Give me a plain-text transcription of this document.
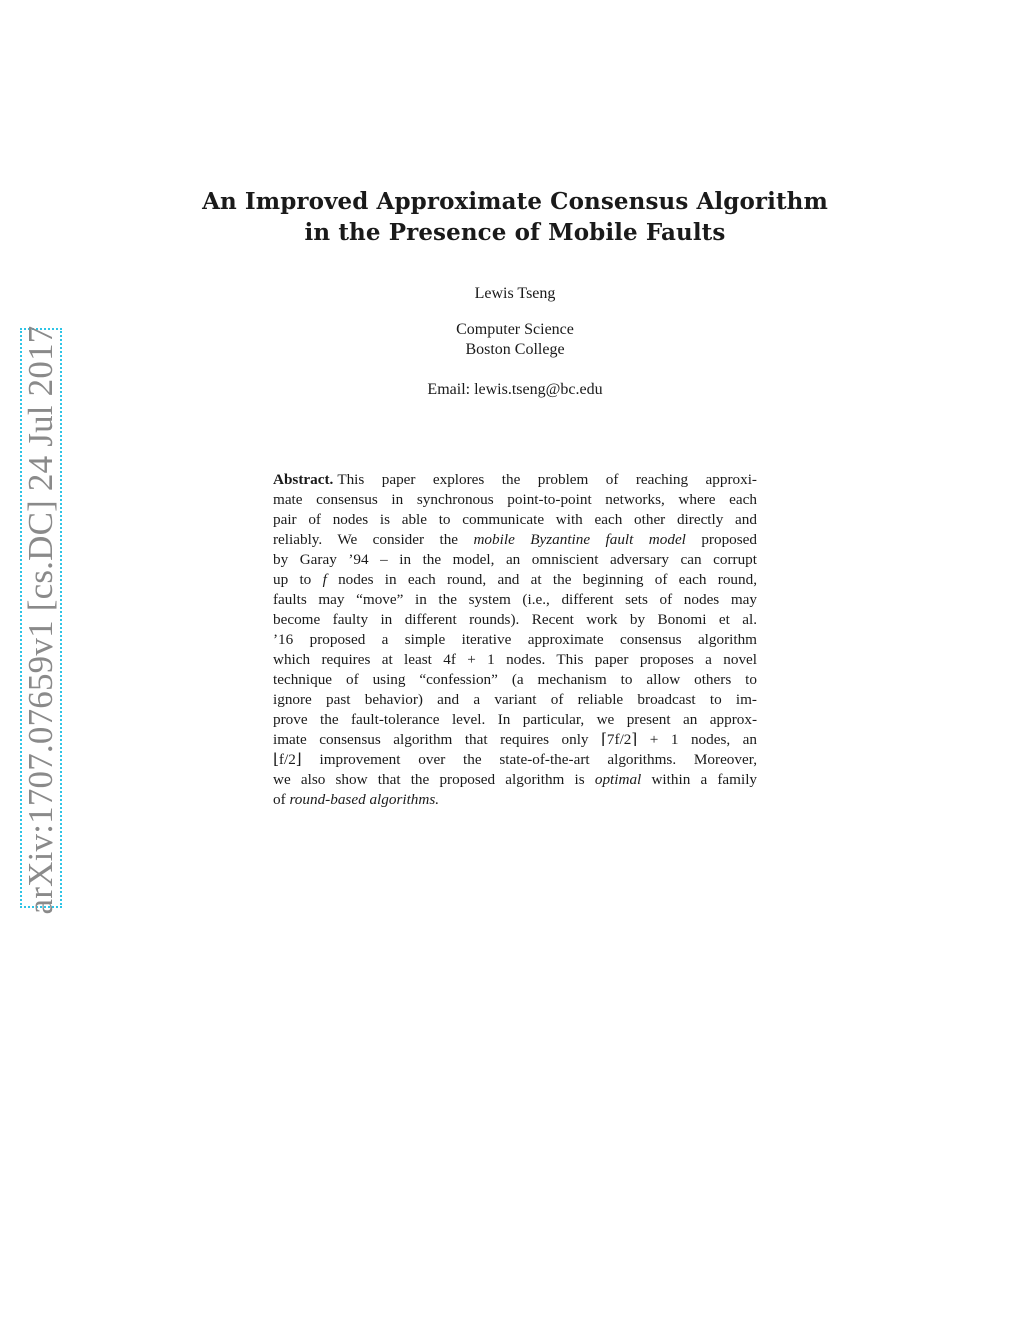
arXiv:1707.07659v1 [cs.DC] 24 Jul 2017
An Improved Approximate Consensus Algorithm
in the Presence of Mobile Faults
Lewis Tseng
Computer Science
Boston College
Email: lewis.tseng@bc.edu
Abstract. This paper explores the problem of reaching approxi-
mate consensus in synchronous point-to-point networks, where each
pair of nodes is able to communicate with each other directly and
reliably. We consider the mobile Byzantine fault model proposed
by Garay ’94 – in the model, an omniscient adversary can corrupt
up to f nodes in each round, and at the beginning of each round,
faults may “move” in the system (i.e., different sets of nodes may
become faulty in different rounds). Recent work by Bonomi et al.
’16 proposed a simple iterative approximate consensus algorithm
which requires at least 4f + 1 nodes. This paper proposes a novel
technique of using “confession” (a mechanism to allow others to
ignore past behavior) and a variant of reliable broadcast to im-
prove the fault-tolerance level. In particular, we present an approx-
imate consensus algorithm that requires only ⌈7f/2⌉ + 1 nodes, an
⌊f/2⌋ improvement over the state-of-the-art algorithms. Moreover,
we also show that the proposed algorithm is optimal within a family
of round-based algorithms.
